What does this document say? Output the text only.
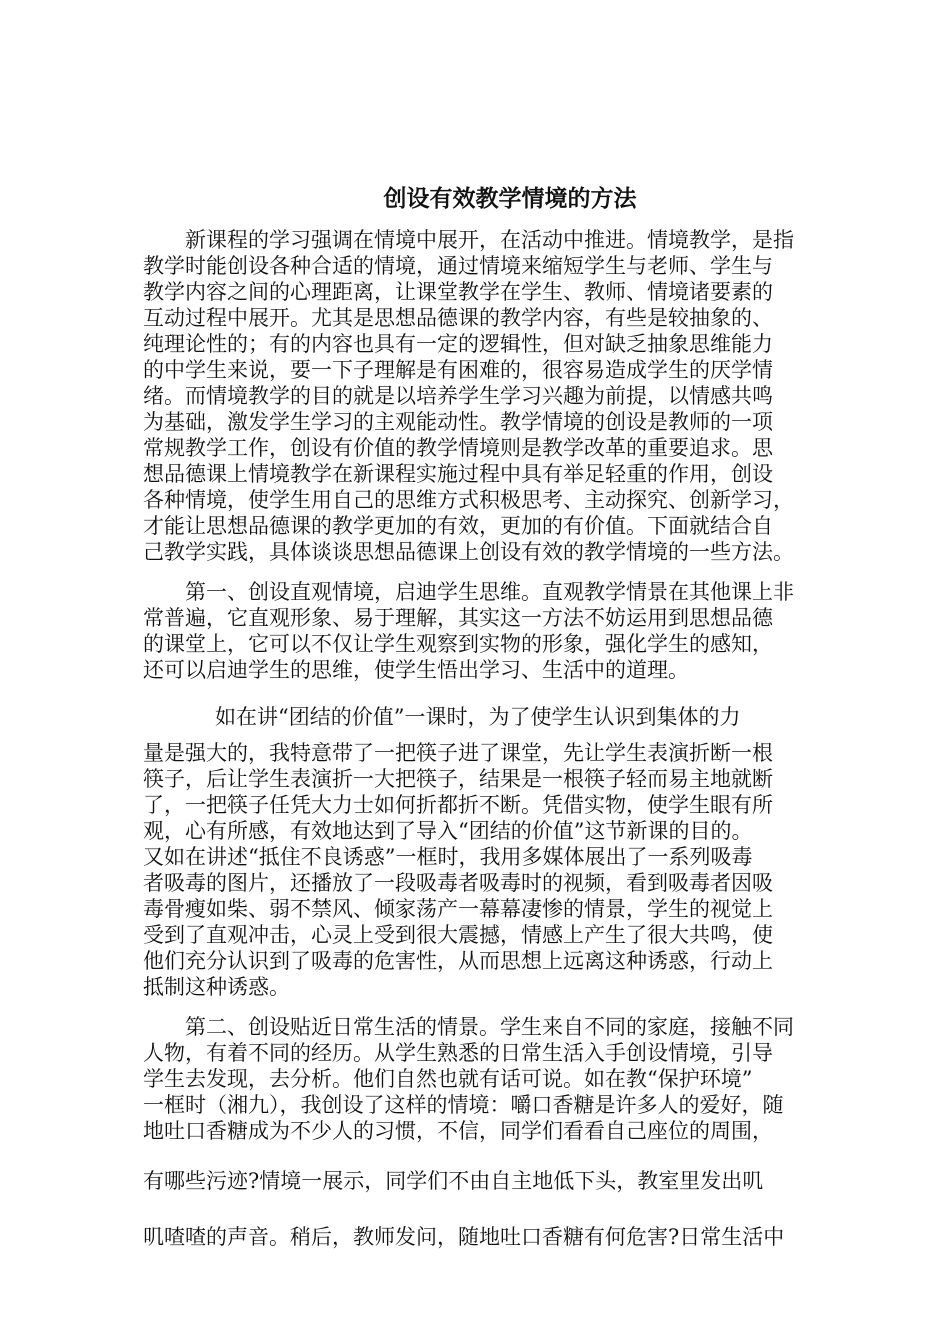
创设有效教学情境的方法
新课程的学习强调在情境中展开，在活动中推进。情境教学，是指
教学时能创设各种合适的情境，通过情境来缩短学生与老师、学生与
教学内容之间的心理距离，让课堂教学在学生、教师、情境诸要素的
互动过程中展开。尤其是思想品德课的教学内容，有些是较抽象的、
纯理论性的；有的内容也具有一定的逻辑性，但对缺乏抽象思维能力
的中学生来说，要一下子理解是有困难的，很容易造成学生的厌学情
绪。而情境教学的目的就是以培养学生学习兴趣为前提，以情感共鸣
为基础，激发学生学习的主观能动性。教学情境的创设是教师的一项
常规教学工作，创设有价值的教学情境则是教学改革的重要追求。思
想品德课上情境教学在新课程实施过程中具有举足轻重的作用，创设
各种情境，使学生用自己的思维方式积极思考、主动探究、创新学习，
才能让思想品德课的教学更加的有效，更加的有价值。下面就结合自
己教学实践，具体谈谈思想品德课上创设有效的教学情境的一些方法。
第一、创设直观情境，启迪学生思维。直观教学情景在其他课上非
常普遍，它直观形象、易于理解，其实这一方法不妨运用到思想品德
的课堂上，它可以不仅让学生观察到实物的形象，强化学生的感知，
还可以启迪学生的思维，使学生悟出学习、生活中的道理。
如在讲“团结的价值”一课时，为了使学生认识到集体的力
量是强大的，我特意带了一把筷子进了课堂，先让学生表演折断一根
筷子，后让学生表演折一大把筷子，结果是一根筷子轻而易主地就断
了，一把筷子任凭大力士如何折都折不断。凭借实物，使学生眼有所
观，心有所感，有效地达到了导入“团结的价值”这节新课的目的。
又如在讲述“抵住不良诱惑”一框时，我用多媒体展出了一系列吸毒
者吸毒的图片，还播放了一段吸毒者吸毒时的视频，看到吸毒者因吸
毒骨瘦如柴、弱不禁风、倾家荡产一幕幕凄惨的情景，学生的视觉上
受到了直观冲击，心灵上受到很大震撼，情感上产生了很大共鸣，使
他们充分认识到了吸毒的危害性，从而思想上远离这种诱惑，行动上
抵制这种诱惑。
第二、创设贴近日常生活的情景。学生来自不同的家庭，接触不同
人物，有着不同的经历。从学生熟悉的日常生活入手创设情境，引导
学生去发现，去分析。他们自然也就有话可说。如在教“保护环境”
一框时（湘九），我创设了这样的情境：嚼口香糖是许多人的爱好，随
地吐口香糖成为不少人的习惯，不信，同学们看看自己座位的周围，
有哪些污迹?情境一展示，同学们不由自主地低下头，教室里发出叽
叽喳喳的声音。稍后，教师发问，随地吐口香糖有何危害?日常生活中
